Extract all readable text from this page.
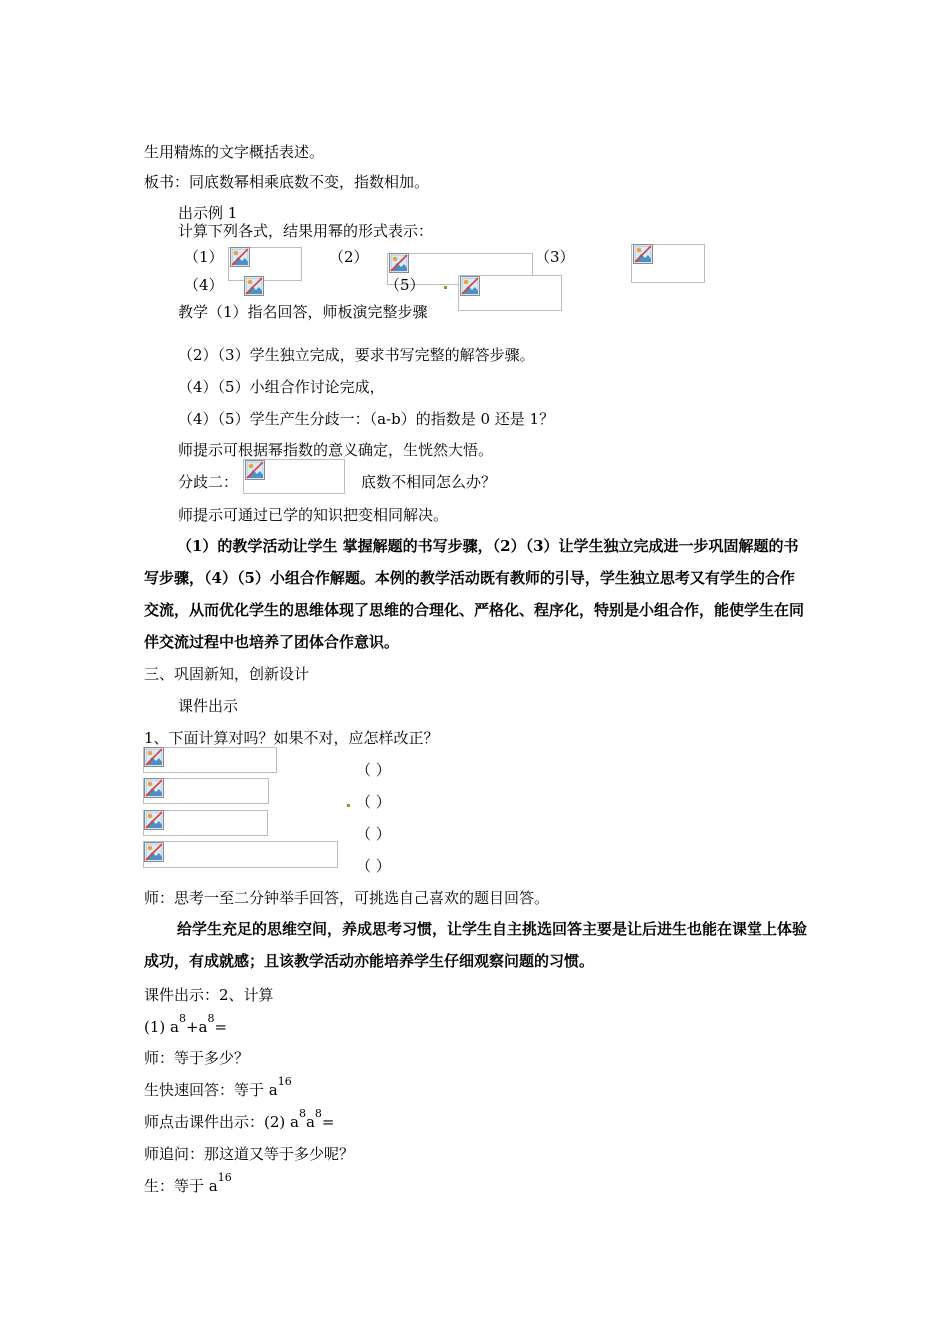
生用精炼的文字概括表述。
板书：同底数幂相乘底数不变，指数相加。
出示例 1
计算下列各式，结果用幂的形式表示：
（1）	（2）	（3）
（4）	（5）
教学（1）指名回答，师板演完整步骤
（2）（3）学生独立完成，要求书写完整的解答步骤。
（4）（5）小组合作讨论完成，
（4）（5）学生产生分歧一：（a-b）的指数是 0 还是 1？
师提示可根据幂指数的意义确定，生恍然大悟。
分歧二：	底数不相同怎么办？
师提示可通过已学的知识把变相同解决。
（1）的教学活动让学生 掌握解题的书写步骤，（2）（3）让学生独立完成进一步巩固解题的书写步骤，（4）（5）小组合作解题。本例的教学活动既有教师的引导，学生独立思考又有学生的合作交流，从而优化学生的思维体现了思维的合理化、严格化、程序化，特别是小组合作，能使学生在同伴交流过程中也培养了团体合作意识。
三、巩固新知，创新设计
课件出示
1、下面计算对吗？如果不对，应怎样改正？
（ ）
（ ）
（ ）
（ ）
师：思考一至二分钟举手回答，可挑选自己喜欢的题目回答。
给学生充足的思维空间，养成思考习惯，让学生自主挑选回答主要是让后进生也能在课堂上体验成功，有成就感；且该教学活动亦能培养学生仔细观察问题的习惯。
课件出示：2、计算
(1) $a^8+a^8=$
师：等于多少？
生快速回答：等于 $a^{16}$
师点击课件出示：(2) $a^8a^8=$
师追问：那这道又等于多少呢？
生：等于 $a^{16}$
